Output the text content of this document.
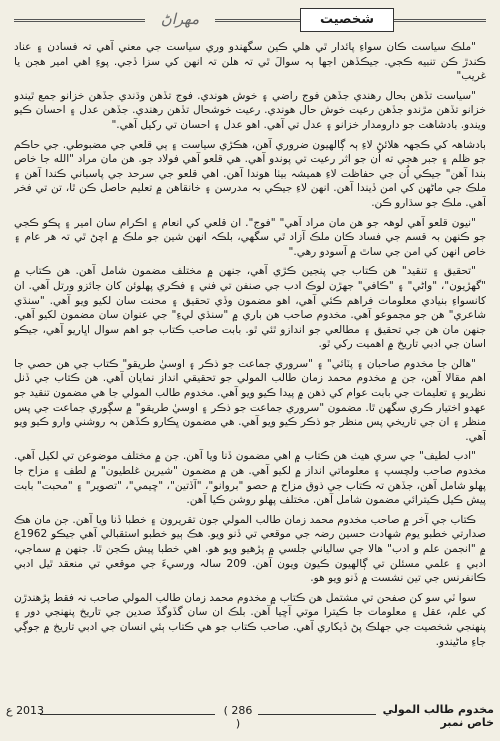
مهراڻ	شخصيت

"ملڪ سياست ڪان سواءِ پائدار ٿي هلي ڪين سگهندو وري سياست جي معني آهي تہ فسادن ۽ عناد ڪندڙ ڪن تنبيه ڪجي. جيڪڏهن اجها ٻہ سوالَ ٿي تہ هلن تہ انهن کي سزا ڏجي. پوءِ اهي امير هجن يا غريب"

"سياست تڏهن بحال رهندي جڏهن فوج راضي ۽ خوش هوندي. فوج تڏهن وڌندي جڏهن خزانو جمع ٿيندو خزانو تڏهن مڙندو جڏهن رعيت خوش حال هوندي. رعيت خوشحال تڏهن رهندي. جڏهن عدل ۽ احسان ڪيو ويندو. بادشاهت جو دارومدار خزانو ۽ عدل تي آهي. اهو عدل ۽ احسان تي رکيل آهي."

بادشاهہ کي ڪجهہ هلائڻ لاءِ ٻہ ڳالهيون ضروري آهن، هڪڙي سياست ۽ ٻي قلعي جي مضبوطي. جي حاڪم جو ظلم ۽ جبر هجي ته اُن جو اثر رعيت تي پوندو آهي. هي قلعو آهي فولاد جو. هن مان مراد "الله جا خاص بندا آهن" جيڪي اُن جي حفاظت لاءِ هميشہ بيٺا هوندا آهن. اهي قلعو جي سرحد جي پاسباني ڪندا آهن ۽ ملڪ جي ماڻهن کي امن ڏيندا آهن. انهن لاءِ جيڪي بہ مدرسن ۽ خانقاهن ۾ تعليم حاصل ڪن ٿا، تن تي فخر آهي. ملڪ جو سڌارو ڪن.

"نيون قلعو آهي لوهہ جو هن مان مراد آهي" "فوج". ان قلعي کي انعام ۽ اڪرام سان امير ۽ پڪو ڪجي جو ڪنهن بہ قسم جي فساد ڪان ملڪ آزاد ٿي سگهي، بلڪہ انهن شين جو ملڪ ۾ اچڻ ٿي تہ هر عام ۽ خاص انهن کي امن جي ساٿ ۾ آسودو رهي."

"تحقيق ۽ تنقيد" هن ڪتاب جي پنجين ڪڙي آهي، جنهن ۾ مختلف مضمون شامل آهن. هن ڪتاب ۾ "گهڙيون"، "واڻي" ۽ "ڪافي" جهڙن لوڪ ادب جي صنفن تي فني ۽ فڪري پهلوئن کان جائزو ورتل آهي. ان کانسواءِ بنيادي معلومات فراهم ڪئي آهي، اهو مضمون وڏي تحقيق ۽ محنت سان لکيو ويو آهي. "سنڌي شاعري" هن جو مجموعو آهي. مخدوم صاحب هن باري ۾ "سنڌي ليءِ" جي عنوان سان مضمون لکيو آهي. جنهن مان هن جي تحقيق ۽ مطالعي جو اندازو ٿئي ٿو. بابت صاحب ڪتاب جو اهم سوال اڀاريو آهي، جيڪو اسان جي ادبي تاريخ ۾ اهميت رکي ٿو.

"هالن جا مخدوم صاحبان ۽ پٽائي" ۽ "سروري جماعت جو ذڪر ۽ اوسيٰ طريقو" ڪتاب جي هن حصي جا اهم مقالا آهن، جن ۾ مخدوم محمد زمان طالب المولي جو تحقيقي انداز نمايان آهي. هن ڪتاب جي ڏنل نظريو ۽ تعليمات جي بابت عوام کي ذهن ۾ پيدا ڪيو ويو آهي. مخدوم طالب المولي جا هي مضمون تنقيد جو عهدو اختيار ڪري سگهن ٿا. مضمون "سروري جماعت جو ذڪر ۽ اوسيٰ طريقو" ۾ سڳوري جماعت جي پس منظر ۽ ان جي تاريخي پس منظر جو ذڪر ڪيو ويو آهي. هي مضمون ڀڪارو ڪڏهن بہ روشني وارو ڪيو ويو آهي.

"ادب لطيف" جي سري هيٺ هن ڪتاب ۾ اهي مضمون ڏنا ويا آهن. جن ۾ مختلف موضوعن تي لکيل آهي. مخدوم صاحب ولچسپ ۽ معلوماتي انداز ۾ لکيو آهي. هن ۾ مضمون "شيرين غلطيون" ۾ لطف ۽ مزاح جا پهلو شامل آهن، جڏهن تہ ڪتاب جي ذوق مزاح ۾ حصو "بروانو"، "آڏتين"، "ڇيمي"، "تصوير" ۽ "محبت" بابت پيش ڪيل ڪيترائي مضمون شامل آهن. مختلف پهلو روشن ڪيا آهن.

ڪتاب جي آخر ۾ صاحب مخدوم محمد زمان طالب المولي جون تقريرون ۽ خطبا ڏنا ويا آهن. جن مان هڪ صدارتي خطبو يوم شهادت حسين رضہ جي موقعي تي ڏنو ويو. هڪ ٻيو خطبو استقبالي آهي جيڪو 1962ع ۾ "انجمن علم و ادب" هالا جي سالياني جلسي ۾ پڙهيو ويو هو. اهي خطبا پيش ڪجن ٿا. جنهن ۾ سماجي، ادبي ۽ علمي مسئلن تي ڳالهيون ڪيون ويون آهن. 209 سالہ ورسيءَ جي موقعي تي منعقد ٿيل ادبي ڪانفرنس جي تين نشست ۾ ڏنو ويو هو.

سوا ٽي سو کن صفحن تي مشتمل هن ڪتاب ۾ مخدوم محمد زمان طالب المولي صاحب نہ فقط پڙهندڙن کي علم، عقل ۽ معلومات جا ڪيترا موتي آڇيا آهن. بلڪ ان سان گڏوگڏ صدين جي تاريخ پنهنجي دور ۽ پنهنجي شخصيت جي جهلڪ پڻ ڏيکاري آهي. صاحب ڪتاب جو هي ڪتاب ٻئي انسان جي ادبي تاريخ ۾ جوڳي جاءِ ماڻيندو.

2013 ع	( 286 )
مخدوم طالب المولي خاص نمبر
